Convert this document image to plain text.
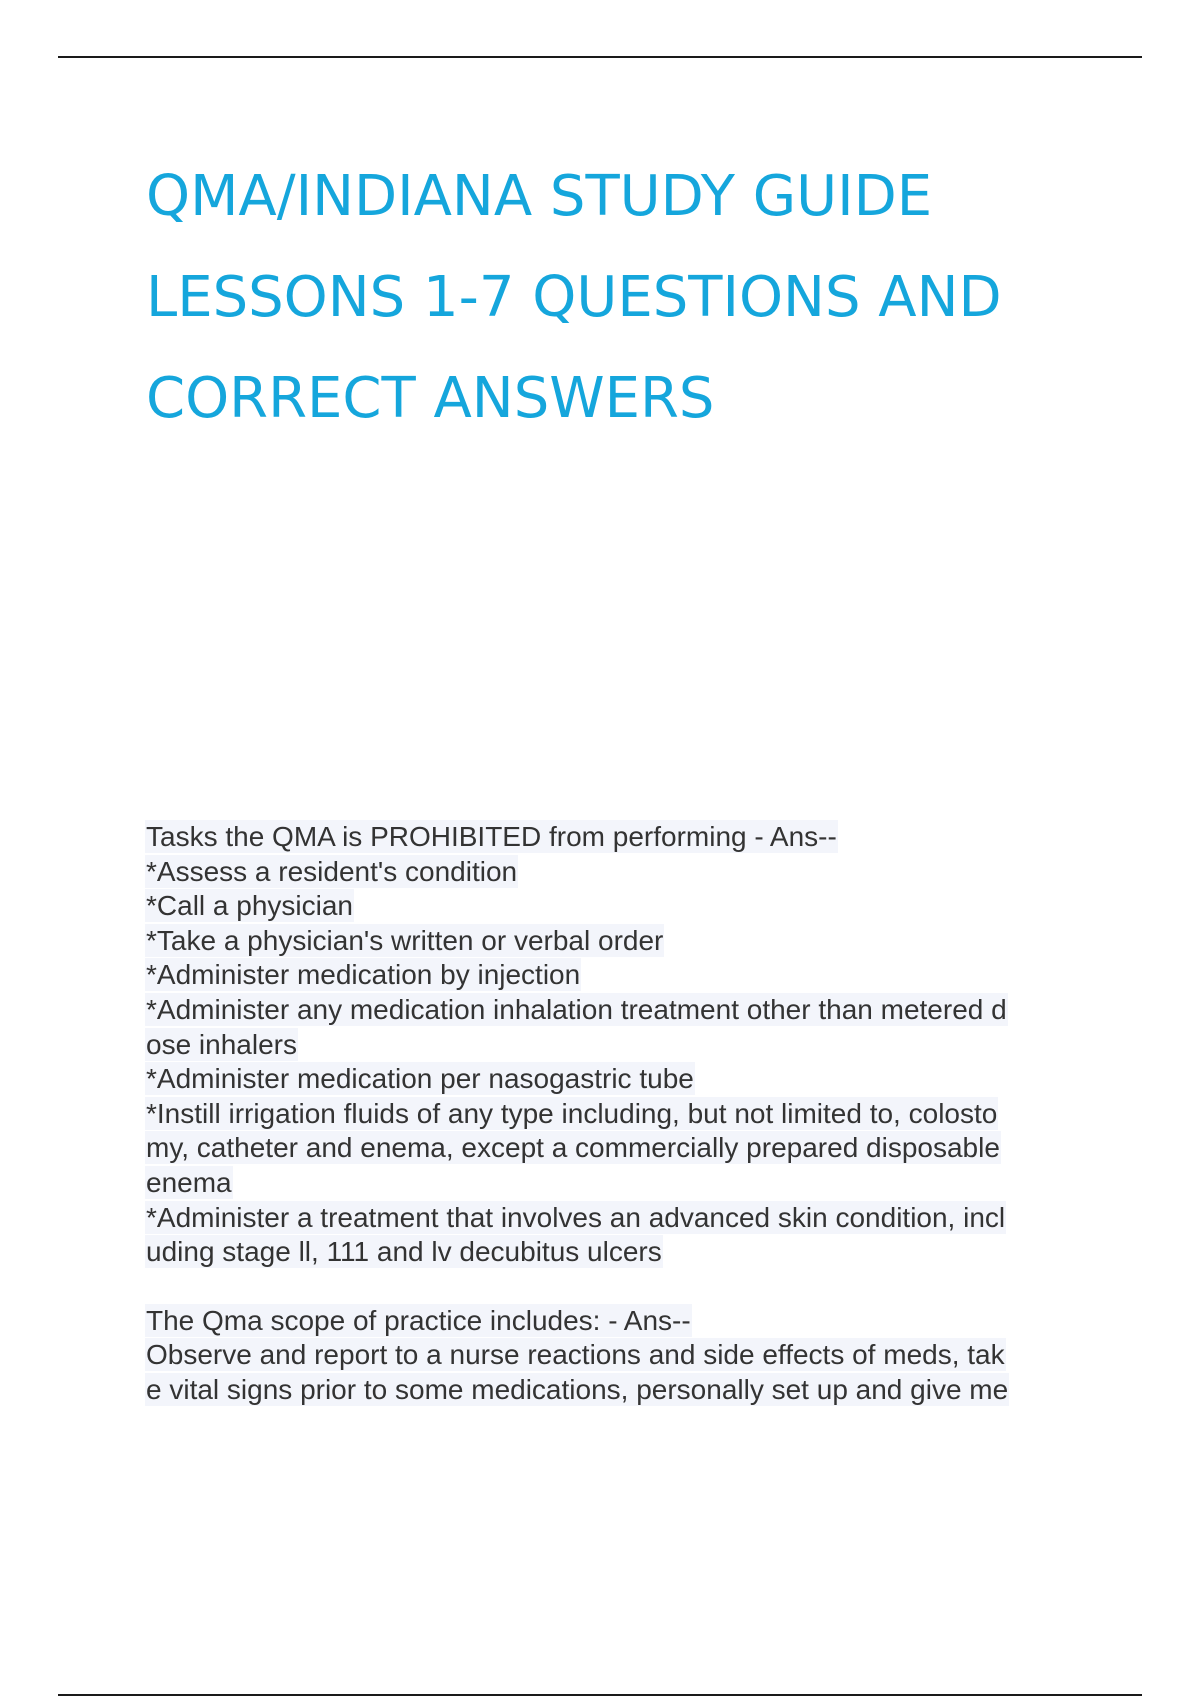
QMA/INDIANA STUDY GUIDE
LESSONS 1-7 QUESTIONS AND
CORRECT ANSWERS
Tasks the QMA is PROHIBITED from performing - Ans--
*Assess a resident's condition
*Call a physician
*Take a physician's written or verbal order
*Administer medication by injection
*Administer any medication inhalation treatment other than metered d
ose inhalers
*Administer medication per nasogastric tube
*Instill irrigation fluids of any type including, but not limited to, colosto
my, catheter and enema, except a commercially prepared disposable
enema
*Administer a treatment that involves an advanced skin condition, incl
uding stage ll, 111 and lv decubitus ulcers
The Qma scope of practice includes: - Ans--
Observe and report to a nurse reactions and side effects of meds, tak
e vital signs prior to some medications, personally set up and give me
